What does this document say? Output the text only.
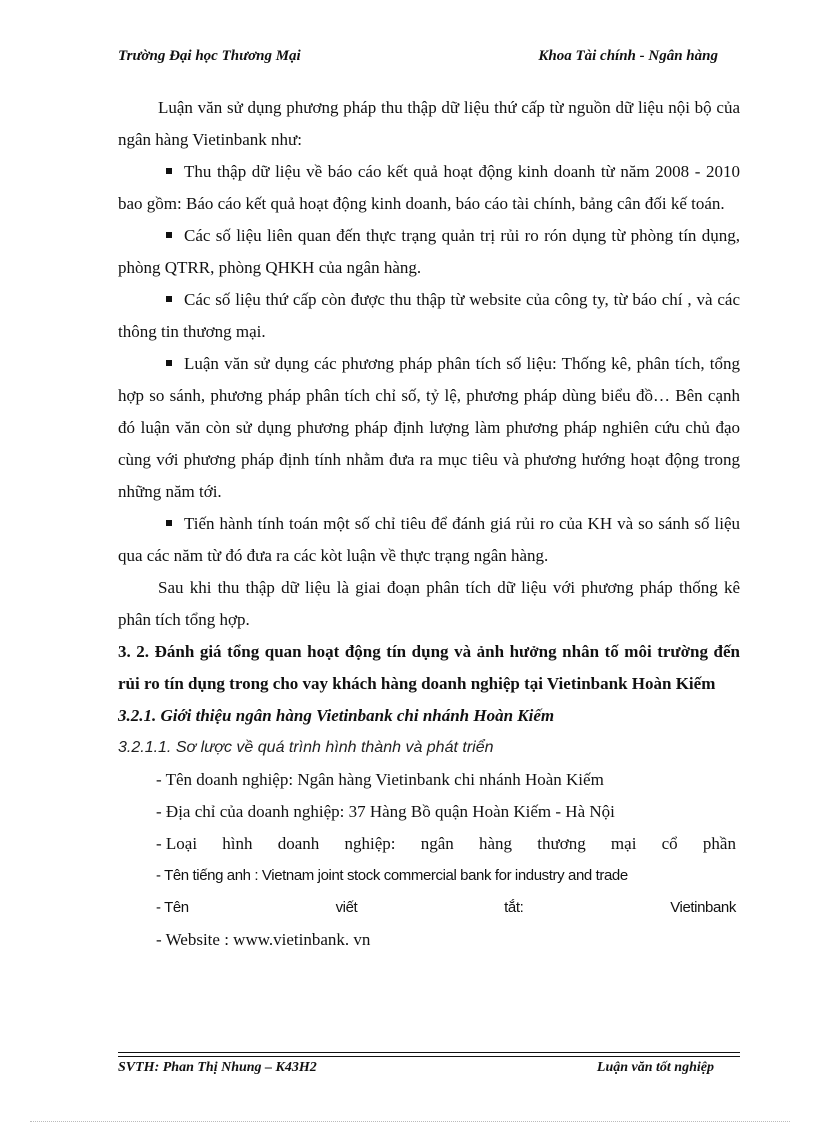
Trường Đại học Thương Mại	Khoa Tài chính - Ngân hàng

Luận văn sử dụng phương pháp thu thập dữ liệu thứ cấp từ nguồn dữ liệu nội bộ của ngân hàng Vietinbank như:

Thu thập dữ liệu về báo cáo kết quả hoạt động kinh doanh từ năm 2008 - 2010 bao gồm: Báo cáo kết quả hoạt động kinh doanh, báo cáo tài chính, bảng cân đối kế toán.

Các số liệu liên quan đến thực trạng quản trị rủi ro rón dụng từ phòng tín dụng, phòng QTRR, phòng QHKH của ngân hàng.

Các số liệu thứ cấp còn được thu thập từ website của công ty, từ báo chí , và các thông tin thương mại.

Luận văn sử dụng các phương pháp phân tích số liệu: Thống kê, phân tích, tổng hợp so sánh, phương pháp phân tích chỉ số, tỷ lệ, phương pháp dùng biểu đồ… Bên cạnh đó luận văn còn sử dụng phương pháp định lượng làm phương pháp nghiên cứu chủ đạo cùng với phương pháp định tính nhằm đưa ra mục tiêu và phương hướng hoạt động trong những năm tới.

Tiến hành tính toán một số chỉ tiêu để đánh giá rủi ro của KH và so sánh số liệu qua các năm từ đó đưa ra các kòt luận về thực trạng ngân hàng.

Sau khi thu thập dữ liệu là giai đoạn phân tích dữ liệu với phương pháp thống kê phân tích tổng hợp.

3. 2. Đánh giá tổng quan hoạt động tín dụng và ảnh hưởng nhân tố môi trường đến rủi ro tín dụng trong cho vay khách hàng doanh nghiệp tại Vietinbank Hoàn Kiếm

3.2.1. Giới thiệu ngân hàng Vietinbank chi nhánh Hoàn Kiếm

3.2.1.1. Sơ lược về quá trình hình thành và phát triển

- Tên doanh nghiệp: Ngân hàng Vietinbank chi nhánh Hoàn Kiếm

- Địa chỉ của doanh nghiệp: 37 Hàng Bồ quận Hoàn Kiếm - Hà Nội

- Loại hình doanh nghiệp: ngân hàng thương mại cổ phần

- Tên tiếng anh : Vietnam joint stock commercial bank for industry and trade

- Tên	viết	tắt:	Vietinbank

- Website : www.vietinbank. vn

SVTH: Phan Thị Nhung – K43H2	Luận văn tốt nghiệp
